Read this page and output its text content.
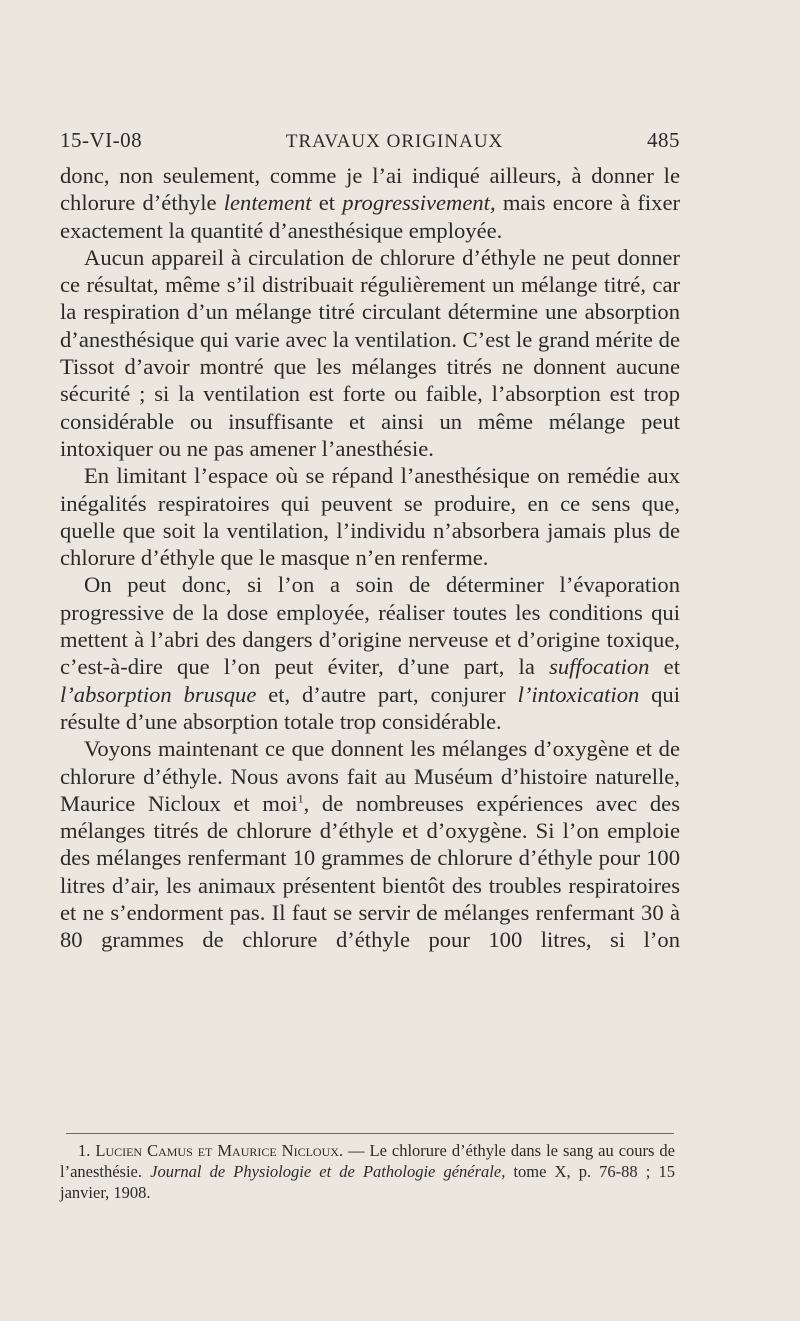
15-VI-08	TRAVAUX ORIGINAUX	485

donc, non seulement, comme je l’ai indiqué ailleurs, à donner le chlorure d’éthyle lentement et progressivement, mais encore à fixer exactement la quantité d’anesthésique employée.

Aucun appareil à circulation de chlorure d’éthyle ne peut donner ce résultat, même s’il distribuait régulièrement un mélange titré, car la respiration d’un mélange titré circulant détermine une absorption d’anesthésique qui varie avec la ventilation. C’est le grand mérite de Tissot d’avoir montré que les mélanges titrés ne donnent aucune sécurité ; si la ventilation est forte ou faible, l’absorption est trop considérable ou insuffisante et ainsi un même mélange peut intoxiquer ou ne pas amener l’anesthésie.

En limitant l’espace où se répand l’anesthésique on remédie aux inégalités respiratoires qui peuvent se produire, en ce sens que, quelle que soit la ventilation, l’individu n’absorbera jamais plus de chlorure d’éthyle que le masque n’en renferme.

On peut donc, si l’on a soin de déterminer l’évaporation progressive de la dose employée, réaliser toutes les conditions qui mettent à l’abri des dangers d’origine nerveuse et d’origine toxique, c’est-à-dire que l’on peut éviter, d’une part, la suffocation et l’absorption brusque et, d’autre part, conjurer l’intoxication qui résulte d’une absorption totale trop considérable.

Voyons maintenant ce que donnent les mélanges d’oxygène et de chlorure d’éthyle. Nous avons fait au Muséum d’histoire naturelle, Maurice Nicloux et moi$^1$, de nombreuses expériences avec des mélanges titrés de chlorure d’éthyle et d’oxygène. Si l’on emploie des mélanges renfermant 10 grammes de chlorure d’éthyle pour 100 litres d’air, les animaux présentent bientôt des troubles respiratoires et ne s’endorment pas. Il faut se servir de mélanges renfermant 30 à 80 grammes de chlorure d’éthyle pour 100 litres, si l’on

1. Lucien Camus et Maurice Nicloux. — Le chlorure d’éthyle dans le sang au cours de l’anesthésie. Journal de Physiologie et de Pathologie générale, tome X, p. 76-88 ; 15 janvier, 1908.
